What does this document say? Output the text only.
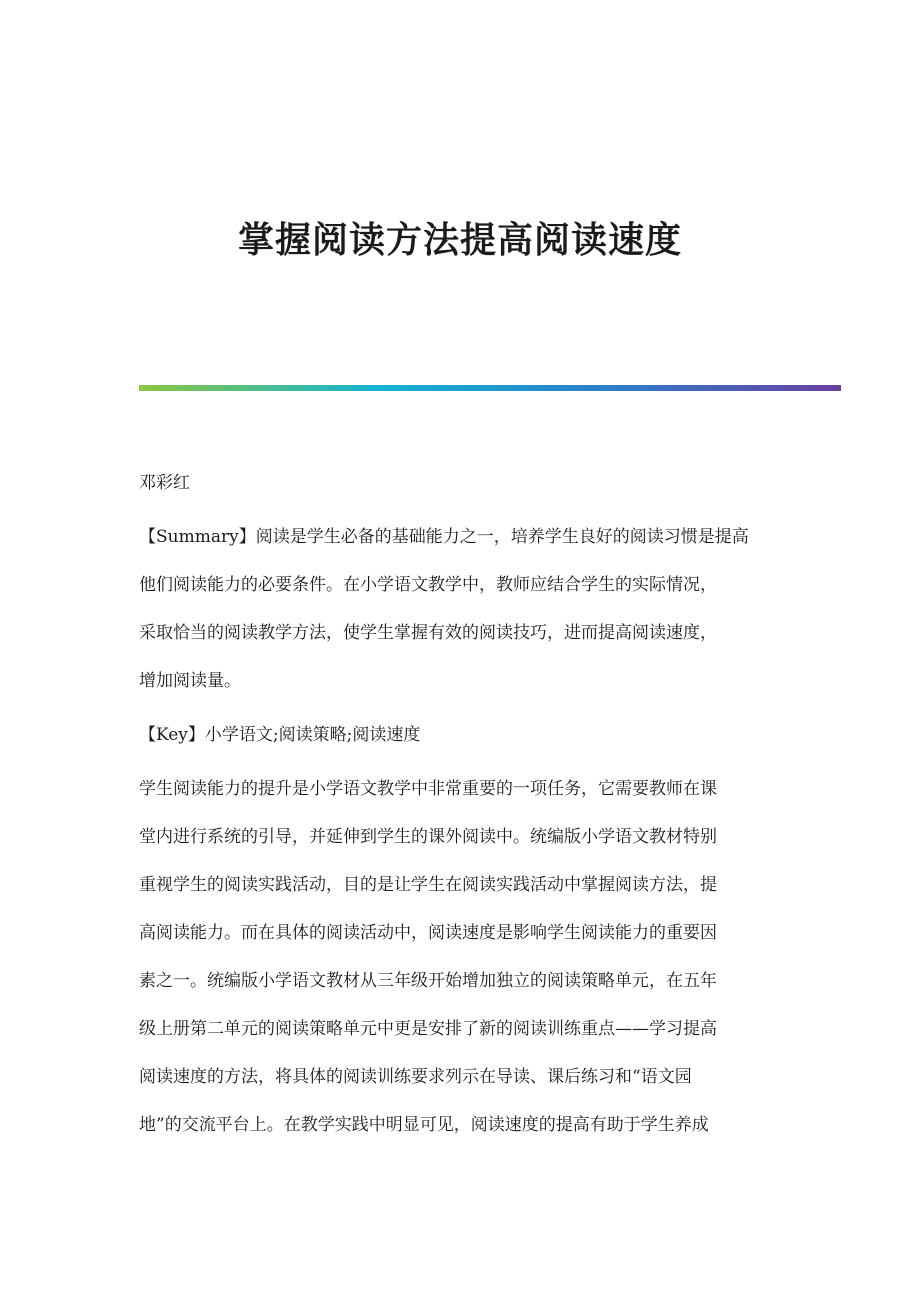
掌握阅读方法提高阅读速度

邓彩红

【Summary】阅读是学生必备的基础能力之一，培养学生良好的阅读习惯是提高
他们阅读能力的必要条件。在小学语文教学中，教师应结合学生的实际情况，
采取恰当的阅读教学方法，使学生掌握有效的阅读技巧，进而提高阅读速度，
增加阅读量。
【Key】小学语文;阅读策略;阅读速度
学生阅读能力的提升是小学语文教学中非常重要的一项任务，它需要教师在课
堂内进行系统的引导，并延伸到学生的课外阅读中。统编版小学语文教材特别
重视学生的阅读实践活动，目的是让学生在阅读实践活动中掌握阅读方法，提
高阅读能力。而在具体的阅读活动中，阅读速度是影响学生阅读能力的重要因
素之一。统编版小学语文教材从三年级开始增加独立的阅读策略单元，在五年
级上册第二单元的阅读策略单元中更是安排了新的阅读训练重点——学习提高
阅读速度的方法，将具体的阅读训练要求列示在导读、课后练习和“语文园
地”的交流平台上。在教学实践中明显可见，阅读速度的提高有助于学生养成
